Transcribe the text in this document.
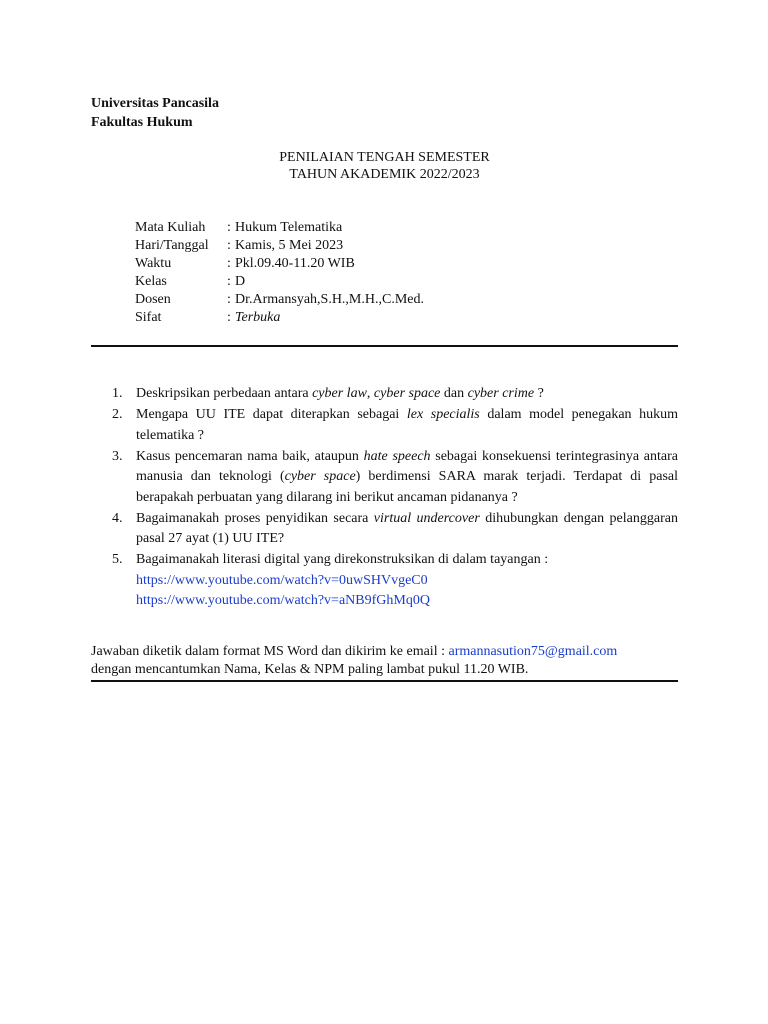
Universitas Pancasila
Fakultas Hukum
PENILAIAN TENGAH SEMESTER
TAHUN AKADEMIK 2022/2023
Mata Kuliah	:	Hukum Telematika
Hari/Tanggal	:	Kamis, 5 Mei 2023
Waktu	:	Pkl.09.40-11.20 WIB
Kelas	:	D
Dosen	:	Dr.Armansyah,S.H.,M.H.,C.Med.
Sifat	:	Terbuka
1. Deskripsikan perbedaan antara cyber law, cyber space dan cyber crime ?
2. Mengapa UU ITE dapat diterapkan sebagai lex specialis dalam model penegakan hukum telematika ?
3. Kasus pencemaran nama baik, ataupun hate speech sebagai konsekuensi terintegrasinya antara manusia dan teknologi (cyber space) berdimensi SARA marak terjadi. Terdapat di pasal berapakah perbuatan yang dilarang ini berikut ancaman pidananya ?
4. Bagaimanakah proses penyidikan secara virtual undercover dihubungkan dengan pelanggaran pasal 27 ayat (1) UU ITE?
5. Bagaimanakah literasi digital yang direkonstruksikan di dalam tayangan :
https://www.youtube.com/watch?v=0uwSHVvgeC0
https://www.youtube.com/watch?v=aNB9fGhMq0Q
Jawaban diketik dalam format MS Word dan dikirim ke email : armannasution75@gmail.com
dengan mencantumkan Nama, Kelas & NPM paling lambat pukul 11.20 WIB.
